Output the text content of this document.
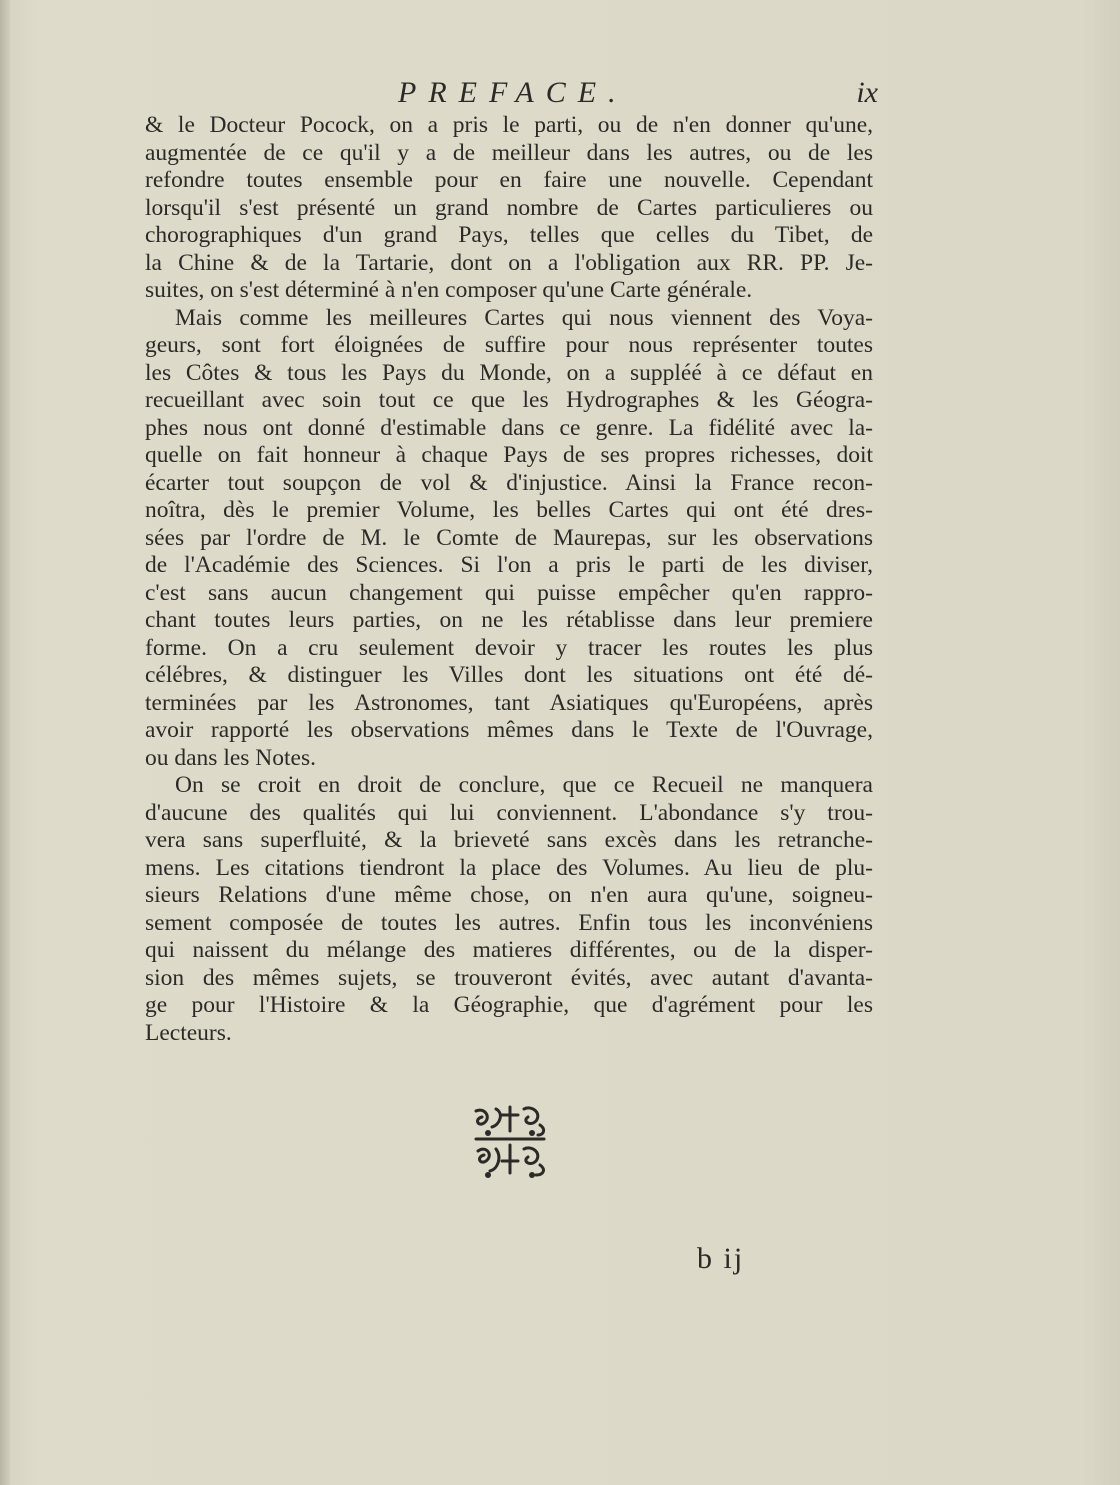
PREFACE.	ix
& le Docteur Pocock, on a pris le parti, ou de n'en donner qu'une,
augmentée de ce qu'il y a de meilleur dans les autres, ou de les
refondre toutes ensemble pour en faire une nouvelle. Cependant
lorsqu'il s'est présenté un grand nombre de Cartes particulieres ou
chorographiques d'un grand Pays, telles que celles du Tibet, de
la Chine & de la Tartarie, dont on a l'obligation aux RR. PP. Je-
suites, on s'est déterminé à n'en composer qu'une Carte générale.
Mais comme les meilleures Cartes qui nous viennent des Voya-
geurs, sont fort éloignées de suffire pour nous représenter toutes
les Côtes & tous les Pays du Monde, on a suppléé à ce défaut en
recueillant avec soin tout ce que les Hydrographes & les Géogra-
phes nous ont donné d'estimable dans ce genre. La fidélité avec la-
quelle on fait honneur à chaque Pays de ses propres richesses, doit
écarter tout soupçon de vol & d'injustice. Ainsi la France recon-
noîtra, dès le premier Volume, les belles Cartes qui ont été dres-
sées par l'ordre de M. le Comte de Maurepas, sur les observations
de l'Académie des Sciences. Si l'on a pris le parti de les diviser,
c'est sans aucun changement qui puisse empêcher qu'en rappro-
chant toutes leurs parties, on ne les rétablisse dans leur premiere
forme. On a cru seulement devoir y tracer les routes les plus
célébres, & distinguer les Villes dont les situations ont été dé-
terminées par les Astronomes, tant Asiatiques qu'Européens, après
avoir rapporté les observations mêmes dans le Texte de l'Ouvrage,
ou dans les Notes.
On se croit en droit de conclure, que ce Recueil ne manquera
d'aucune des qualités qui lui conviennent. L'abondance s'y trou-
vera sans superfluité, & la brieveté sans excès dans les retranche-
mens. Les citations tiendront la place des Volumes. Au lieu de plu-
sieurs Relations d'une même chose, on n'en aura qu'une, soigneu-
sement composée de toutes les autres. Enfin tous les inconvéniens
qui naissent du mélange des matieres différentes, ou de la disper-
sion des mêmes sujets, se trouveront évités, avec autant d'avanta-
ge pour l'Histoire & la Géographie, que d'agrément pour les
Lecteurs.
b ij
